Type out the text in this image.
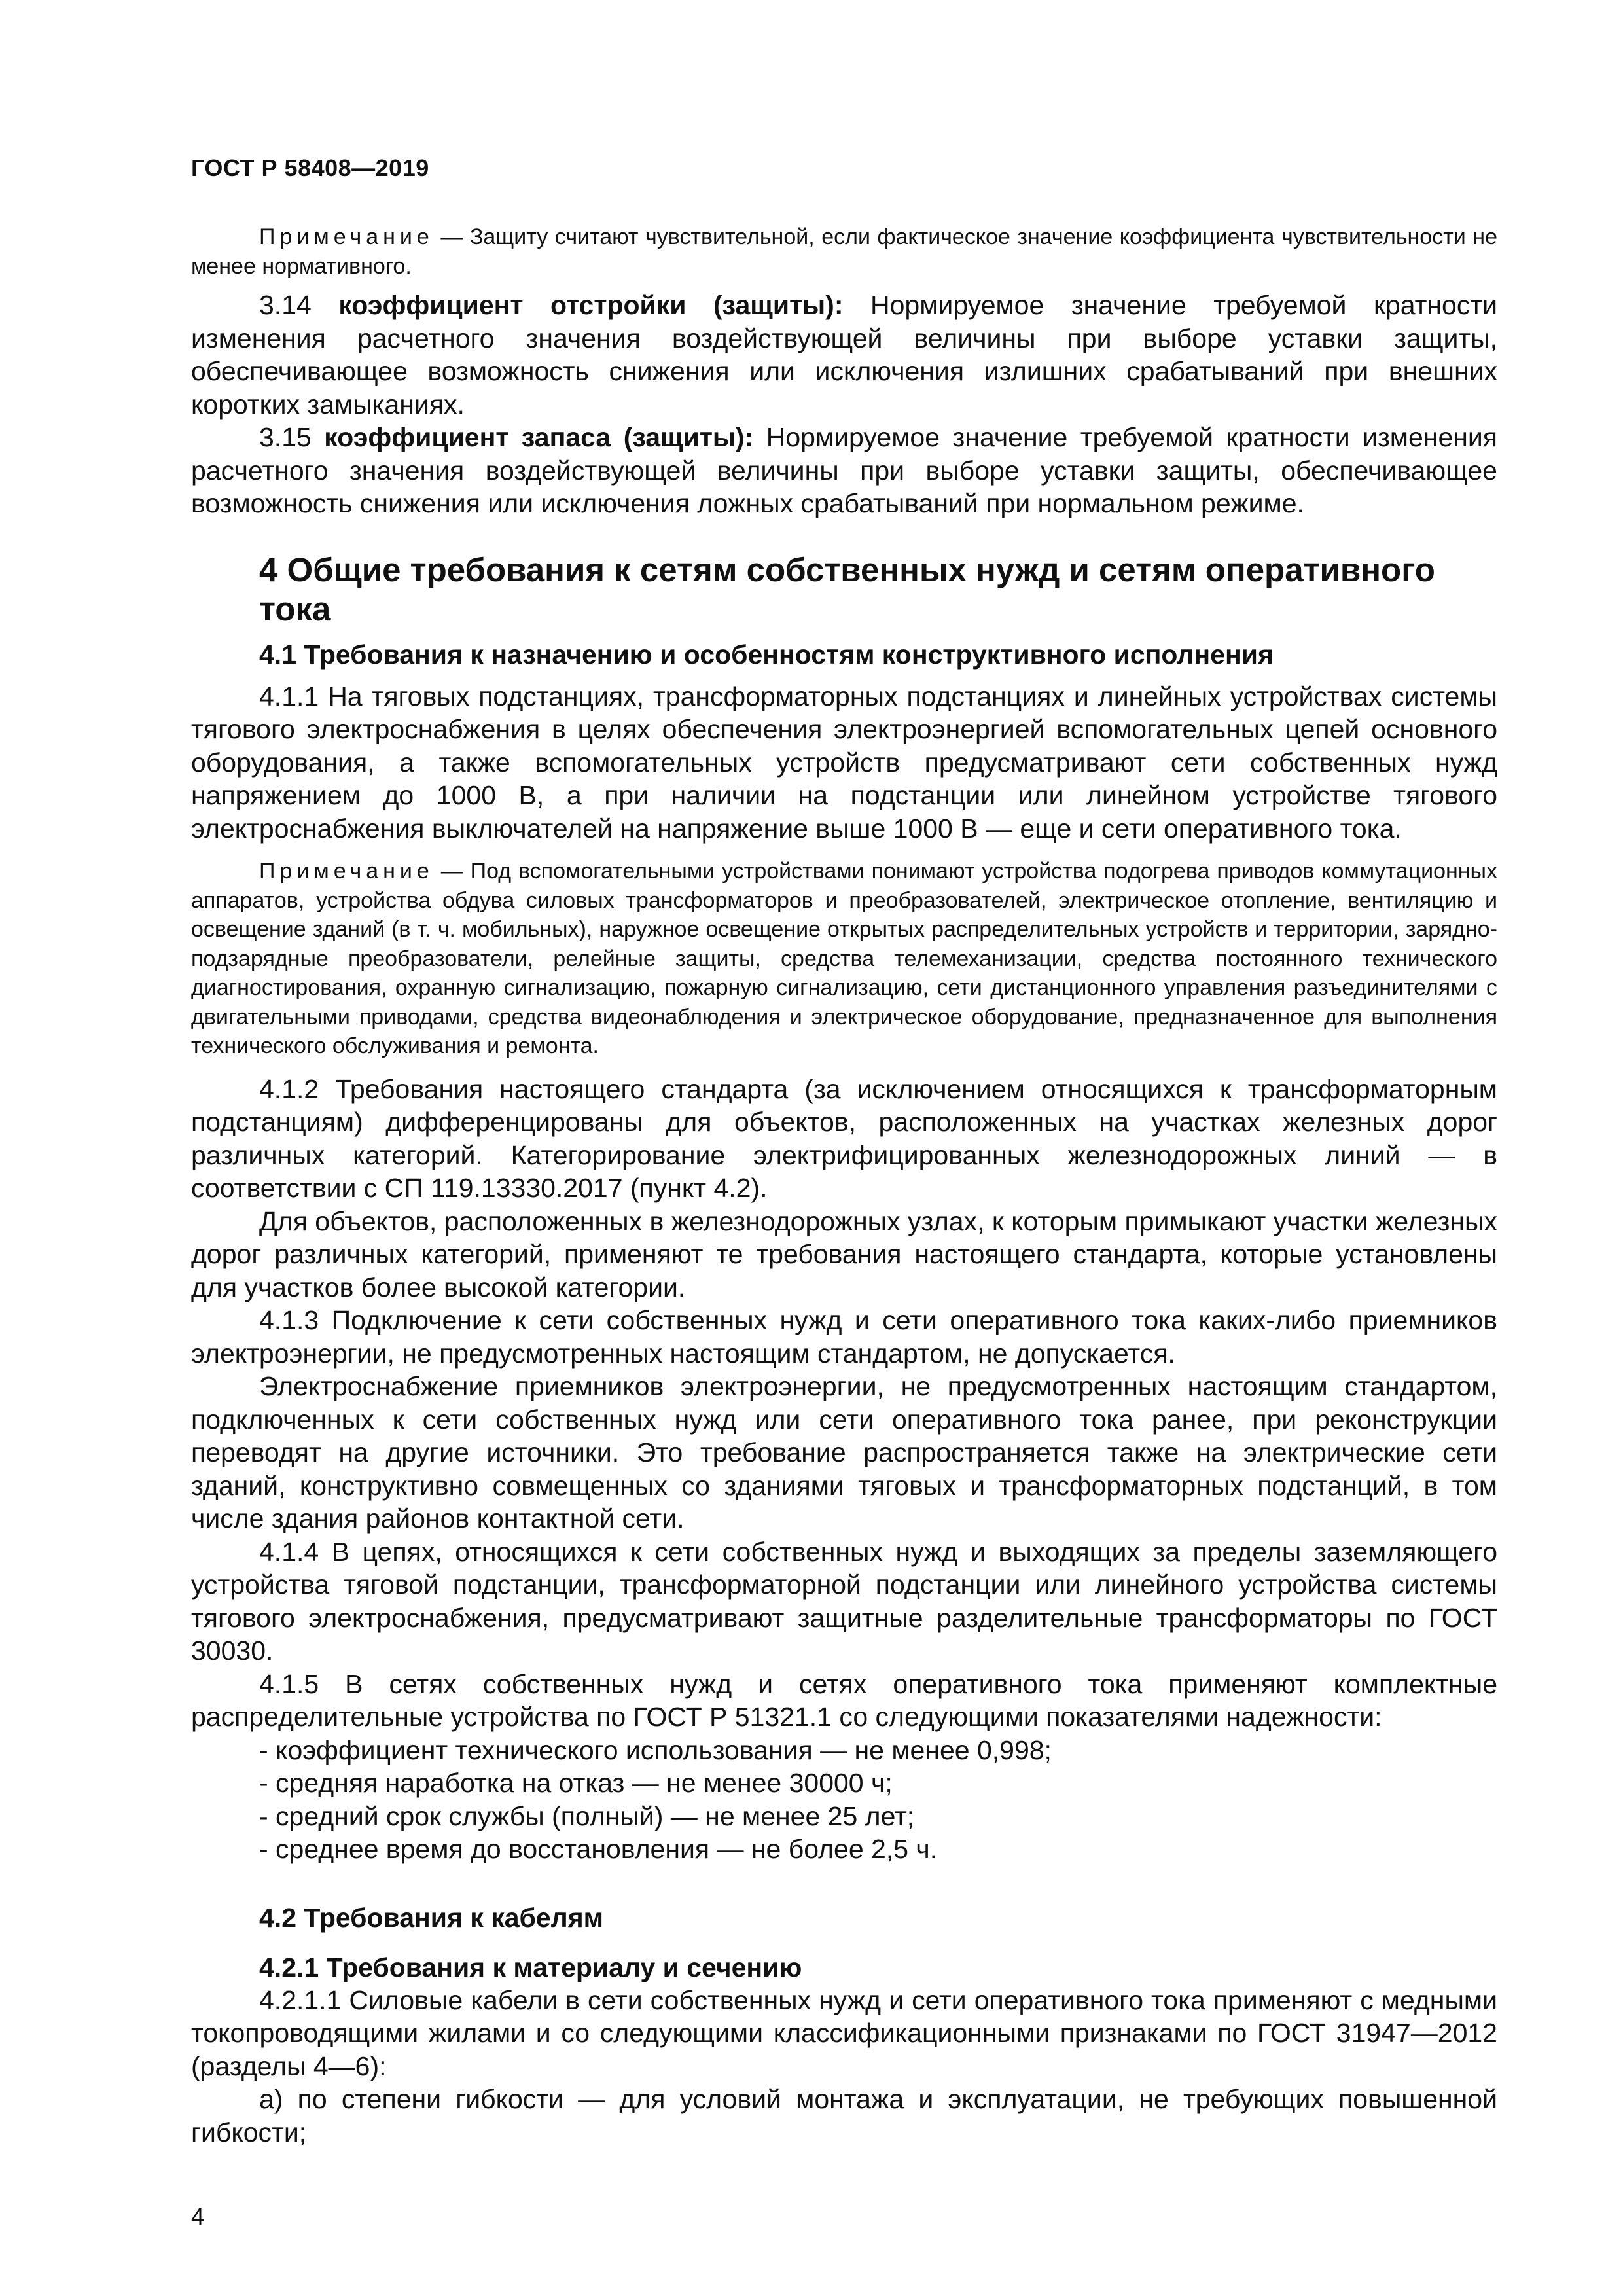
ГОСТ Р 58408—2019

Примечание — Защиту считают чувствительной, если фактическое значение коэффициента чувствительности не менее нормативного.

3.14 коэффициент отстройки (защиты): Нормируемое значение требуемой кратности изменения расчетного значения воздействующей величины при выборе уставки защиты, обеспечивающее возможность снижения или исключения излишних срабатываний при внешних коротких замыканиях.

3.15 коэффициент запаса (защиты): Нормируемое значение требуемой кратности изменения расчетного значения воздействующей величины при выборе уставки защиты, обеспечивающее возможность снижения или исключения ложных срабатываний при нормальном режиме.

4 Общие требования к сетям собственных нужд и сетям оперативного тока
4.1 Требования к назначению и особенностям конструктивного исполнения

4.1.1 На тяговых подстанциях, трансформаторных подстанциях и линейных устройствах системы тягового электроснабжения в целях обеспечения электроэнергией вспомогательных цепей основного оборудования, а также вспомогательных устройств предусматривают сети собственных нужд напряжением до 1000 В, а при наличии на подстанции или линейном устройстве тягового электроснабжения выключателей на напряжение выше 1000 В — еще и сети оперативного тока.

Примечание — Под вспомогательными устройствами понимают устройства подогрева приводов коммутационных аппаратов, устройства обдува силовых трансформаторов и преобразователей, электрическое отопление, вентиляцию и освещение зданий (в т. ч. мобильных), наружное освещение открытых распределительных устройств и территории, зарядно-подзарядные преобразователи, релейные защиты, средства телемеханизации, средства постоянного технического диагностирования, охранную сигнализацию, пожарную сигнализацию, сети дистанционного управления разъединителями с двигательными приводами, средства видеонаблюдения и электрическое оборудование, предназначенное для выполнения технического обслуживания и ремонта.

4.1.2 Требования настоящего стандарта (за исключением относящихся к трансформаторным подстанциям) дифференцированы для объектов, расположенных на участках железных дорог различных категорий. Категорирование электрифицированных железнодорожных линий — в соответствии с СП 119.13330.2017 (пункт 4.2).

Для объектов, расположенных в железнодорожных узлах, к которым примыкают участки железных дорог различных категорий, применяют те требования настоящего стандарта, которые установлены для участков более высокой категории.

4.1.3 Подключение к сети собственных нужд и сети оперативного тока каких-либо приемников электроэнергии, не предусмотренных настоящим стандартом, не допускается.

Электроснабжение приемников электроэнергии, не предусмотренных настоящим стандартом, подключенных к сети собственных нужд или сети оперативного тока ранее, при реконструкции переводят на другие источники. Это требование распространяется также на электрические сети зданий, конструктивно совмещенных со зданиями тяговых и трансформаторных подстанций, в том числе здания районов контактной сети.

4.1.4 В цепях, относящихся к сети собственных нужд и выходящих за пределы заземляющего устройства тяговой подстанции, трансформаторной подстанции или линейного устройства системы тягового электроснабжения, предусматривают защитные разделительные трансформаторы по ГОСТ 30030.

4.1.5 В сетях собственных нужд и сетях оперативного тока применяют комплектные распределительные устройства по ГОСТ Р 51321.1 со следующими показателями надежности:

- коэффициент технического использования — не менее 0,998;
- средняя наработка на отказ — не менее 30000 ч;
- средний срок службы (полный) — не менее 25 лет;
- среднее время до восстановления — не более 2,5 ч.
4.2 Требования к кабелям
4.2.1 Требования к материалу и сечению

4.2.1.1 Силовые кабели в сети собственных нужд и сети оперативного тока применяют с медными токопроводящими жилами и со следующими классификационными признаками по ГОСТ 31947—2012 (разделы 4—6):

а) по степени гибкости — для условий монтажа и эксплуатации, не требующих повышенной гибкости;

4
